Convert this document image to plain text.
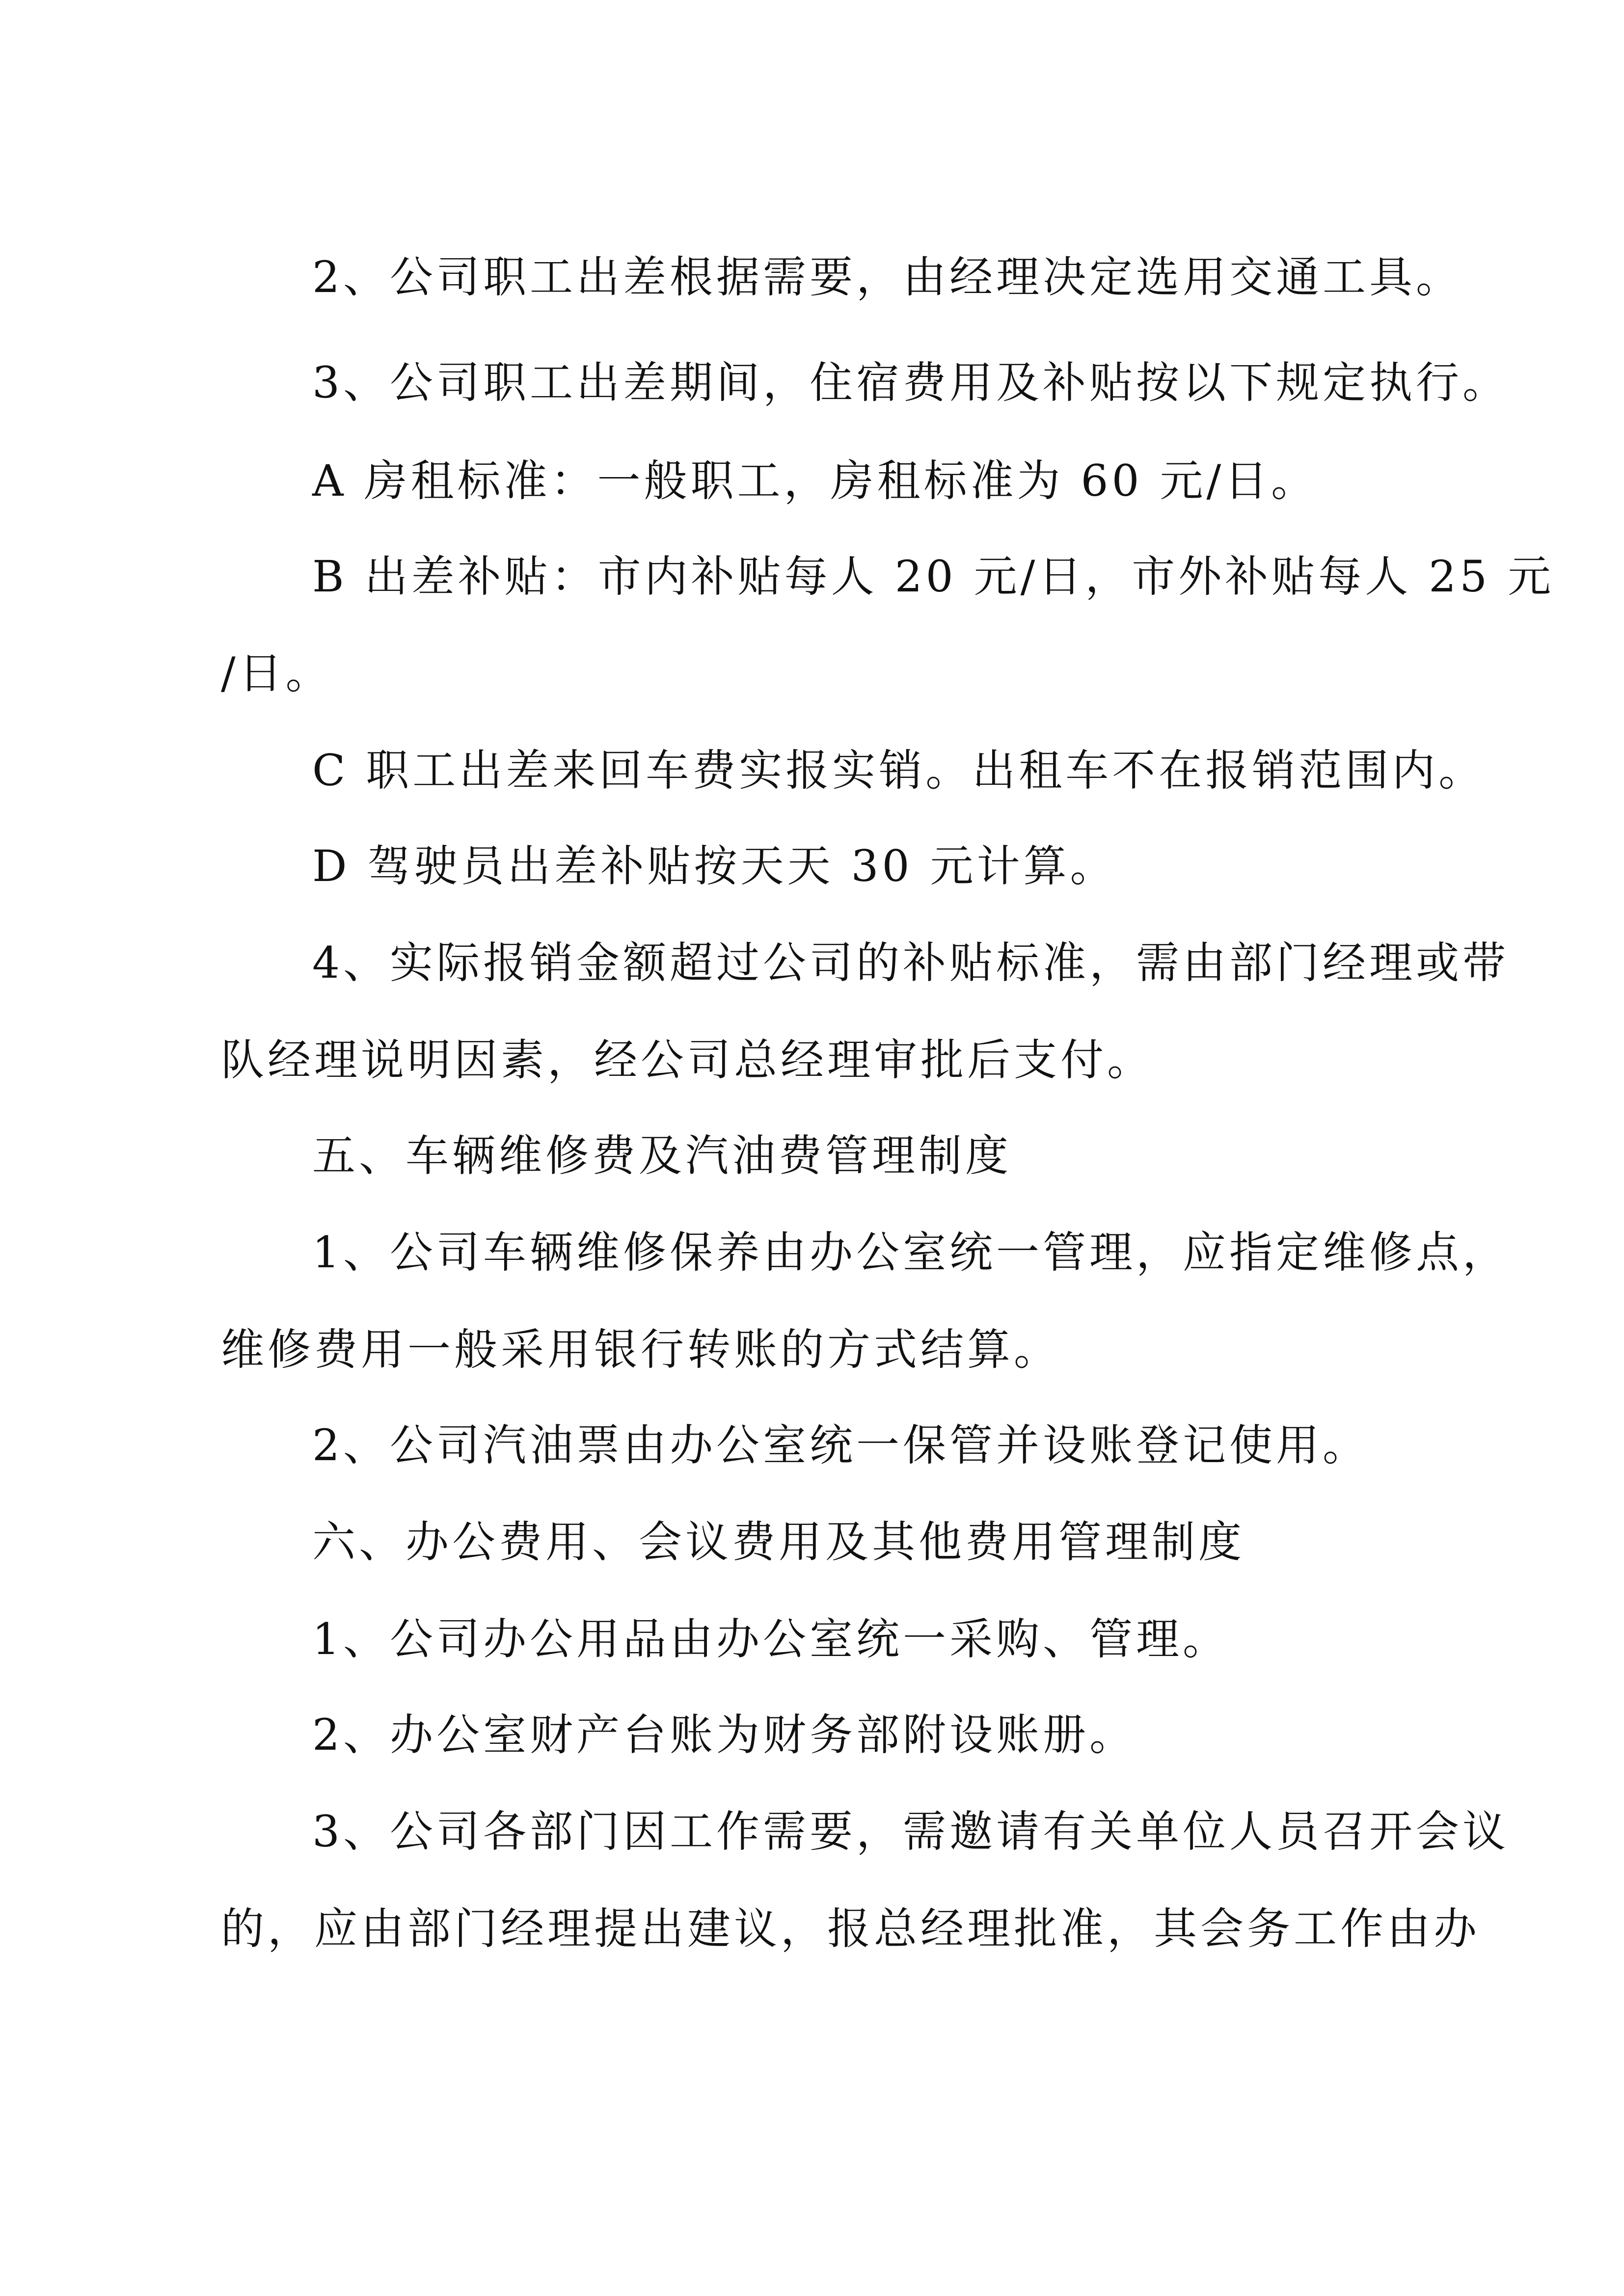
2、公司职工出差根据需要，由经理决定选用交通工具。
3、公司职工出差期间，住宿费用及补贴按以下规定执行。
A 房租标准：一般职工，房租标准为 60 元/日。
B 出差补贴：市内补贴每人 20 元/日，市外补贴每人 25 元
/日。
C 职工出差来回车费实报实销。出租车不在报销范围内。
D 驾驶员出差补贴按天天 30 元计算。
4、实际报销金额超过公司的补贴标准，需由部门经理或带
队经理说明因素，经公司总经理审批后支付。
五、车辆维修费及汽油费管理制度
1、公司车辆维修保养由办公室统一管理，应指定维修点，
维修费用一般采用银行转账的方式结算。
2、公司汽油票由办公室统一保管并设账登记使用。
六、办公费用、会议费用及其他费用管理制度
1、公司办公用品由办公室统一采购、管理。
2、办公室财产台账为财务部附设账册。
3、公司各部门因工作需要，需邀请有关单位人员召开会议
的，应由部门经理提出建议，报总经理批准，其会务工作由办
